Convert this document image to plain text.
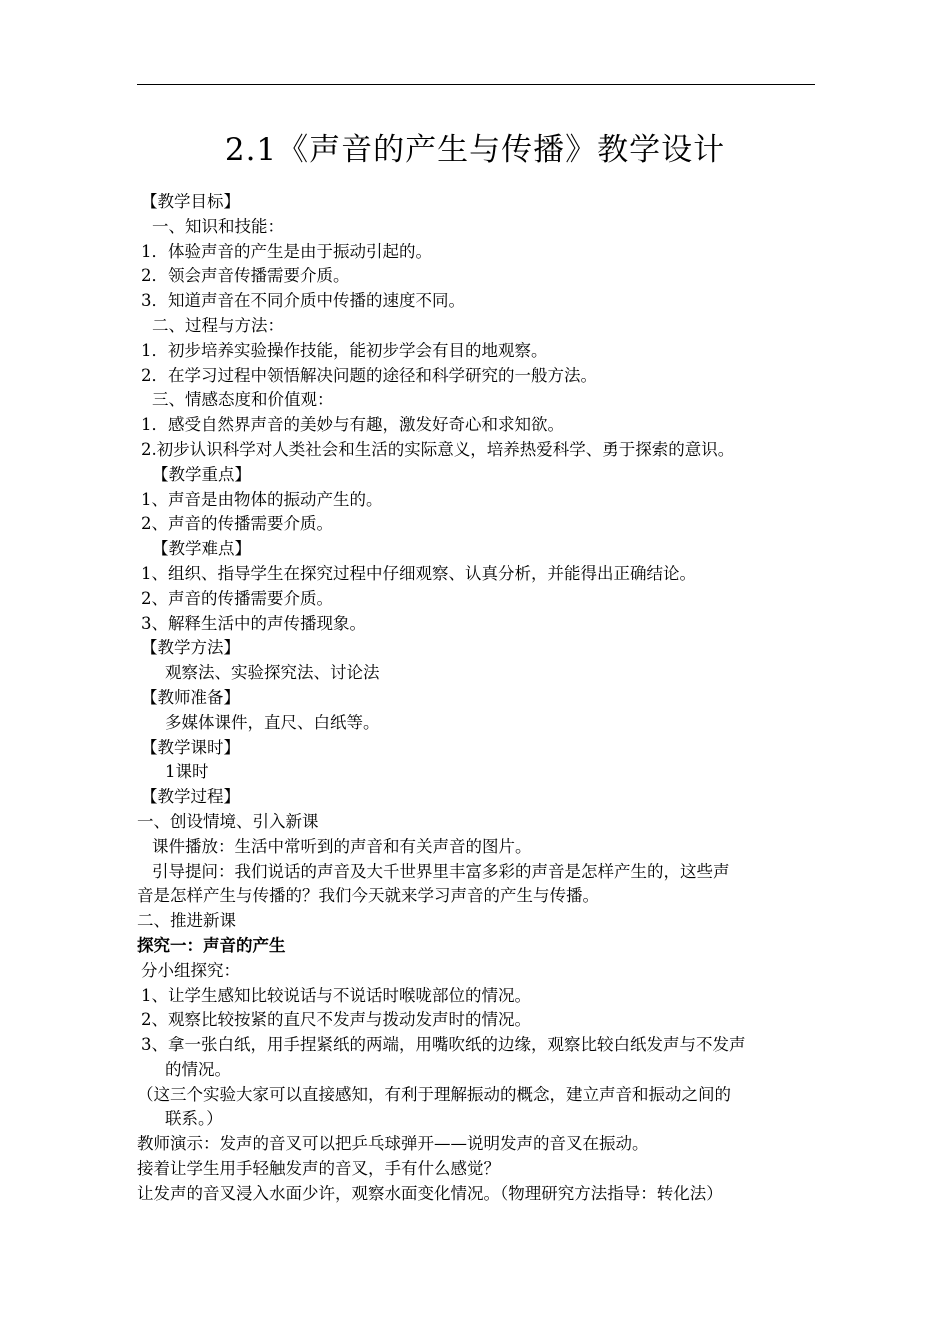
2.1《声音的产生与传播》教学设计
【教学目标】
一、知识和技能：
1．体验声音的产生是由于振动引起的。
2．领会声音传播需要介质。
3．知道声音在不同介质中传播的速度不同。
二、过程与方法：
1．初步培养实验操作技能，能初步学会有目的地观察。
2．在学习过程中领悟解决问题的途径和科学研究的一般方法。
三、情感态度和价值观：
1．感受自然界声音的美妙与有趣，激发好奇心和求知欲。
2.初步认识科学对人类社会和生活的实际意义，培养热爱科学、勇于探索的意识。
【教学重点】
1、声音是由物体的振动产生的。
2、声音的传播需要介质。
【教学难点】
1、组织、指导学生在探究过程中仔细观察、认真分析，并能得出正确结论。
2、声音的传播需要介质。
3、解释生活中的声传播现象。
【教学方法】
观察法、实验探究法、讨论法
【教师准备】
多媒体课件，直尺、白纸等。
【教学课时】
1课时
【教学过程】
一、创设情境、引入新课
课件播放：生活中常听到的声音和有关声音的图片。
引导提问：我们说话的声音及大千世界里丰富多彩的声音是怎样产生的，这些声
音是怎样产生与传播的？我们今天就来学习声音的产生与传播。
二、推进新课
探究一：声音的产生
分小组探究：
1、让学生感知比较说话与不说话时喉咙部位的情况。
2、观察比较按紧的直尺不发声与拨动发声时的情况。
3、拿一张白纸，用手捏紧纸的两端，用嘴吹纸的边缘，观察比较白纸发声与不发声
的情况。
（这三个实验大家可以直接感知，有利于理解振动的概念，建立声音和振动之间的
联系。）
教师演示：发声的音叉可以把乒乓球弹开——说明发声的音叉在振动。
接着让学生用手轻触发声的音叉，手有什么感觉？
让发声的音叉浸入水面少许，观察水面变化情况。（物理研究方法指导：转化法）
